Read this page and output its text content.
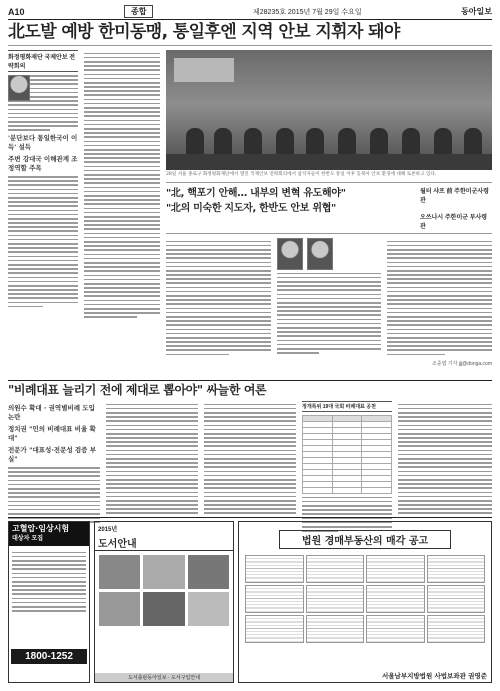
A10	종합	제28235호 2015년 7월 29일 수요일	동아일보
北도발 예방 한미동맹, 통일후엔 지역 안보 지휘자 돼야
화정평화재단 국제안보 전략회의
'분단보다 통일한국이 이득' 설득
주변 강대국 이해관계 조정역할 주목
28일 서울 종로구 화정평화재단에서 열린 국제안보 전략회의에서 참석자들이 한반도 통일 이후 동북아 안보 환경에 대해 토론하고 있다.
"北, 핵포기 안해… 내부의 변혁 유도해야"
"北의 미숙한 지도자, 한반도 안보 위협"
월터 샤프 前 주한미군사령관
오쓰나시 주한미군 부사령관
조종엽 기자 jjj@donga.com
"비례대표 늘리기 전에 제대로 뽑아야" 싸늘한 여론
의원수 확대 · 권역별비례 도입 논란
정치권 "민의 비례대표 비율 확대"
전문가 "대표성·전문성 검증 부실"
정개특위 19대 국회 비례대표 공천

고혈압·임상시험
대상자 모집
1800-1252
2015년
도서안내
도서출판동아일보 · 도서구입안내
법원 경매부동산의 매각 공고
서울남부지방법원 사법보좌관 권영준
